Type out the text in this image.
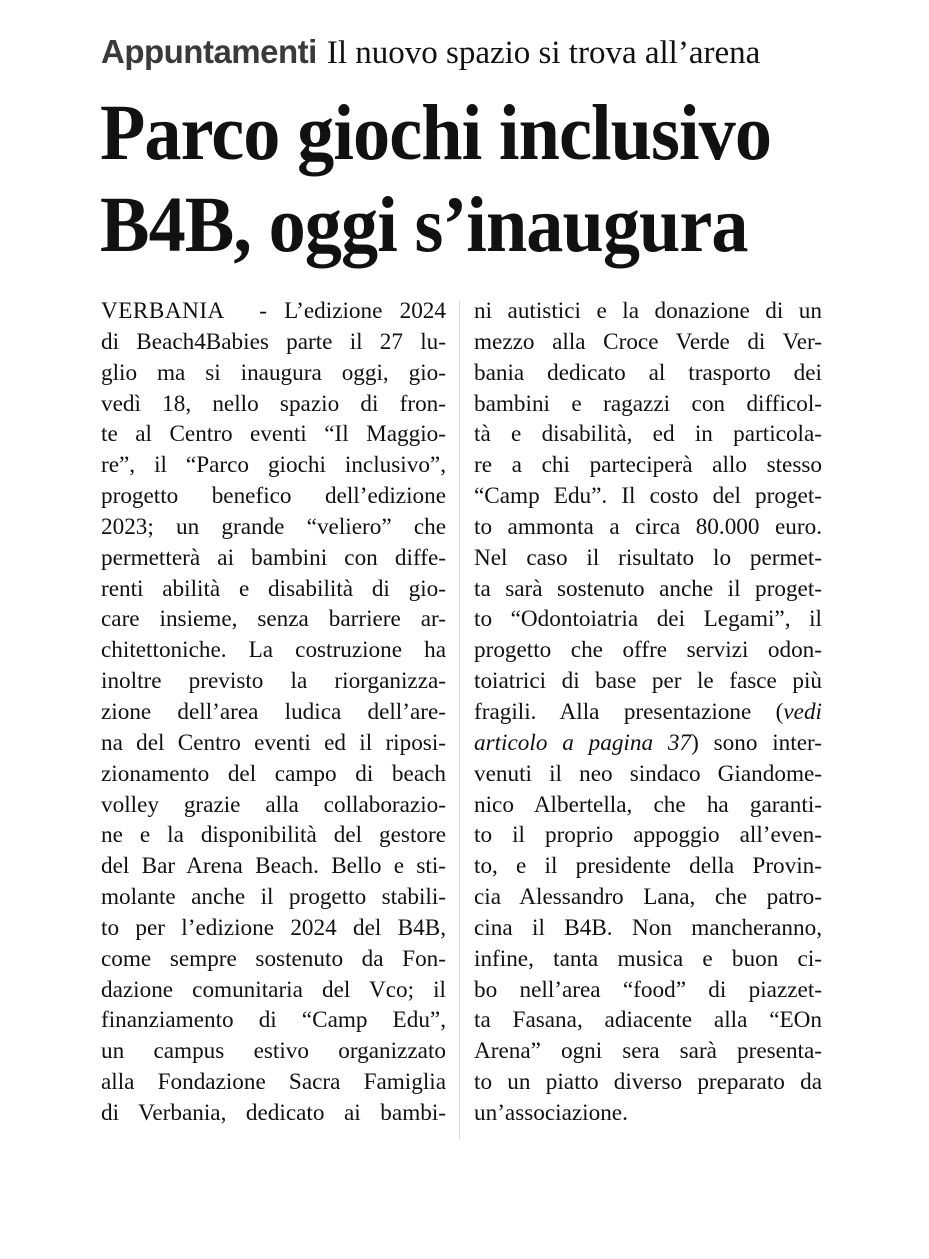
Appuntamenti Il nuovo spazio si trova all’arena
Parco giochi inclusivo
B4B, oggi s’inaugura
VERBANIA - L’edizione 2024
di Beach4Babies parte il 27 lu-
glio ma si inaugura oggi, gio-
vedì 18, nello spazio di fron-
te al Centro eventi “Il Maggio-
re”, il “Parco giochi inclusivo”,
progetto benefico dell’edizione
2023; un grande “veliero” che
permetterà ai bambini con diffe-
renti abilità e disabilità di gio-
care insieme, senza barriere ar-
chitettoniche. La costruzione ha
inoltre previsto la riorganizza-
zione dell’area ludica dell’are-
na del Centro eventi ed il riposi-
zionamento del campo di beach
volley grazie alla collaborazio-
ne e la disponibilità del gestore
del Bar Arena Beach. Bello e sti-
molante anche il progetto stabili-
to per l’edizione 2024 del B4B,
come sempre sostenuto da Fon-
dazione comunitaria del Vco; il
finanziamento di “Camp Edu”,
un campus estivo organizzato
alla Fondazione Sacra Famiglia
di Verbania, dedicato ai bambi-
ni autistici e la donazione di un
mezzo alla Croce Verde di Ver-
bania dedicato al trasporto dei
bambini e ragazzi con difficol-
tà e disabilità, ed in particola-
re a chi parteciperà allo stesso
“Camp Edu”. Il costo del proget-
to ammonta a circa 80.000 euro.
Nel caso il risultato lo permet-
ta sarà sostenuto anche il proget-
to “Odontoiatria dei Legami”, il
progetto che offre servizi odon-
toiatrici di base per le fasce più
fragili. Alla presentazione (vedi
articolo a pagina 37) sono inter-
venuti il neo sindaco Giandome-
nico Albertella, che ha garanti-
to il proprio appoggio all’even-
to, e il presidente della Provin-
cia Alessandro Lana, che patro-
cina il B4B. Non mancheranno,
infine, tanta musica e buon ci-
bo nell’area “food” di piazzet-
ta Fasana, adiacente alla “EOn
Arena” ogni sera sarà presenta-
to un piatto diverso preparato da
un’associazione.
